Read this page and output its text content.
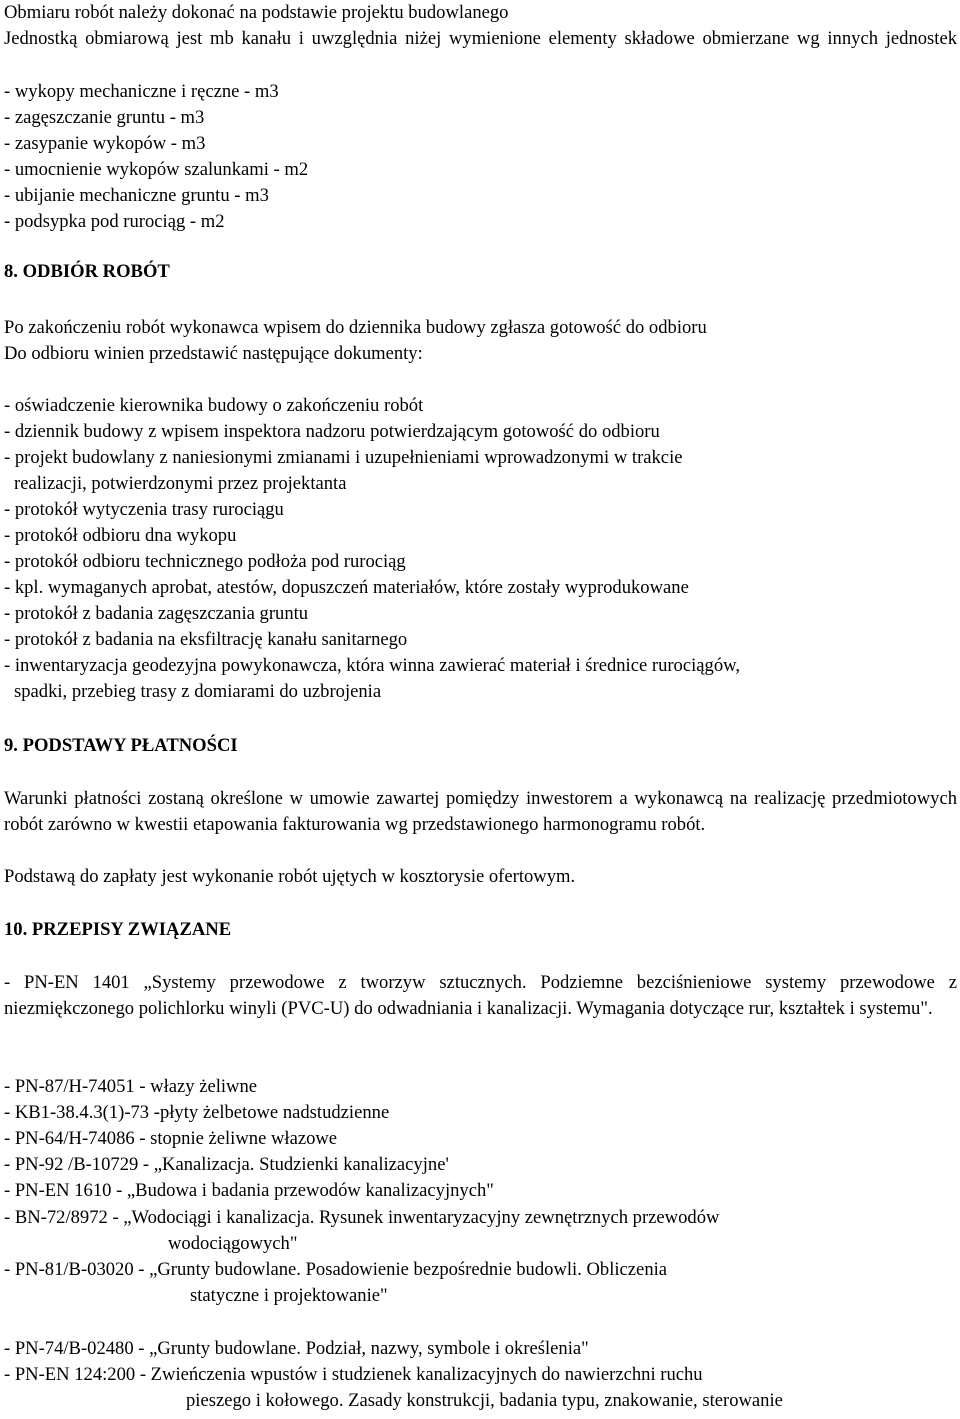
Obmiaru robót należy dokonać na podstawie projektu budowlanego
Jednostką obmiarową jest mb kanału i uwzględnia niżej wymienione elementy składowe obmierzane wg innych jednostek
- wykopy mechaniczne i ręczne - m3
- zagęszczanie gruntu - m3
- zasypanie wykopów - m3
- umocnienie wykopów szalunkami - m2
- ubijanie mechaniczne gruntu - m3
- podsypka pod rurociąg - m2
8. ODBIÓR ROBÓT
Po zakończeniu robót wykonawca wpisem do dziennika budowy zgłasza gotowość do odbioru
Do odbioru winien przedstawić następujące dokumenty:
- oświadczenie kierownika budowy o zakończeniu robót
- dziennik budowy z wpisem inspektora nadzoru potwierdzającym gotowość do odbioru
- projekt budowlany z naniesionymi zmianami i uzupełnieniami wprowadzonymi w trakcie
realizacji, potwierdzonymi przez projektanta
- protokół wytyczenia trasy rurociągu
- protokół odbioru dna wykopu
- protokół odbioru technicznego podłoża pod rurociąg
- kpl. wymaganych aprobat, atestów, dopuszczeń materiałów, które zostały wyprodukowane
- protokół z badania zagęszczania gruntu
- protokół z badania na eksfiltrację kanału sanitarnego
- inwentaryzacja geodezyjna powykonawcza, która winna zawierać materiał i średnice rurociągów,
spadki, przebieg trasy z domiarami do uzbrojenia
9. PODSTAWY PŁATNOŚCI
Warunki płatności zostaną określone w umowie zawartej pomiędzy inwestorem a wykonawcą na realizację przedmiotowych robót zarówno w kwestii etapowania fakturowania wg przedstawionego harmonogramu robót.
Podstawą do zapłaty jest wykonanie robót ujętych w kosztorysie ofertowym.
10. PRZEPISY ZWIĄZANE
- PN-EN 1401 „Systemy przewodowe z tworzyw sztucznych. Podziemne bezciśnieniowe systemy przewodowe z niezmiękczonego polichlorku winyli (PVC-U) do odwadniania i kanalizacji. Wymagania dotyczące rur, kształtek i systemu".
- PN-87/H-74051 - włazy żeliwne
- KB1-38.4.3(1)-73 -płyty żelbetowe nadstudzienne
- PN-64/H-74086 - stopnie żeliwne włazowe
- PN-92 /B-10729 - „Kanalizacja. Studzienki kanalizacyjne'
- PN-EN 1610 - „Budowa i badania przewodów kanalizacyjnych"
- BN-72/8972 - „Wodociągi i kanalizacja. Rysunek inwentaryzacyjny zewnętrznych przewodów
wodociągowych"
- PN-81/B-03020 - „Grunty budowlane. Posadowienie bezpośrednie budowli. Obliczenia
statyczne i projektowanie"
- PN-74/B-02480 - „Grunty budowlane. Podział, nazwy, symbole i określenia"
- PN-EN 124:200 - Zwieńczenia wpustów i studzienek kanalizacyjnych do nawierzchni ruchu
pieszego i kołowego. Zasady konstrukcji, badania typu, znakowanie, sterowanie
